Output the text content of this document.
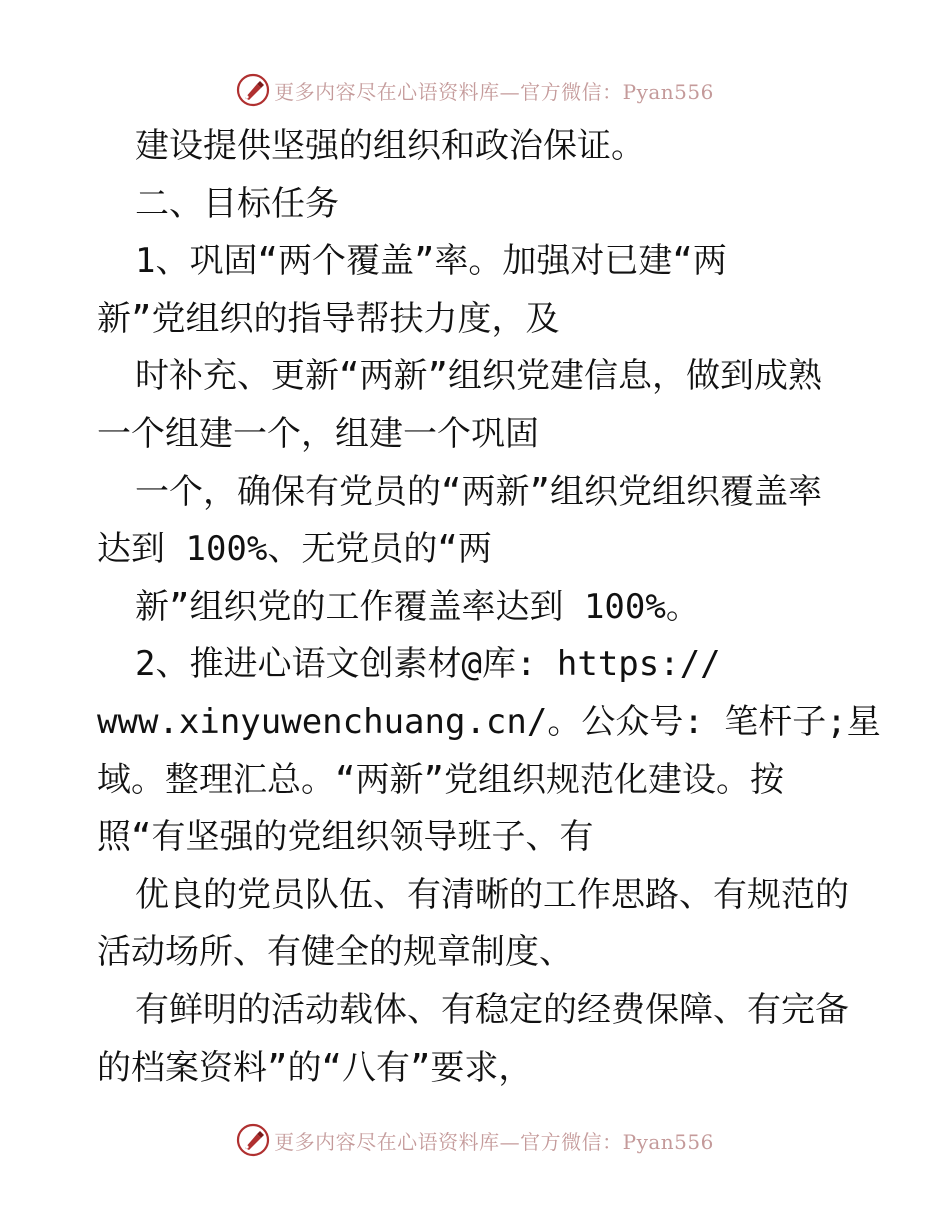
更多内容尽在心语资料库—官方微信：Pyan556
建设提供坚强的组织和政治保证。
二、目标任务
1、巩固“两个覆盖”率。加强对已建“两
新”党组织的指导帮扶力度，及
时补充、更新“两新”组织党建信息，做到成熟
一个组建一个，组建一个巩固
一个，确保有党员的“两新”组织党组织覆盖率
达到 100%、无党员的“两
新”组织党的工作覆盖率达到 100%。
2、推进心语文创素材@库: https://
www.xinyuwenchuang.cn/。公众号: 笔杆子;星
域。整理汇总。“两新”党组织规范化建设。按
照“有坚强的党组织领导班子、有
优良的党员队伍、有清晰的工作思路、有规范的
活动场所、有健全的规章制度、
有鲜明的活动载体、有稳定的经费保障、有完备
的档案资料”的“八有”要求，
更多内容尽在心语资料库—官方微信：Pyan556
